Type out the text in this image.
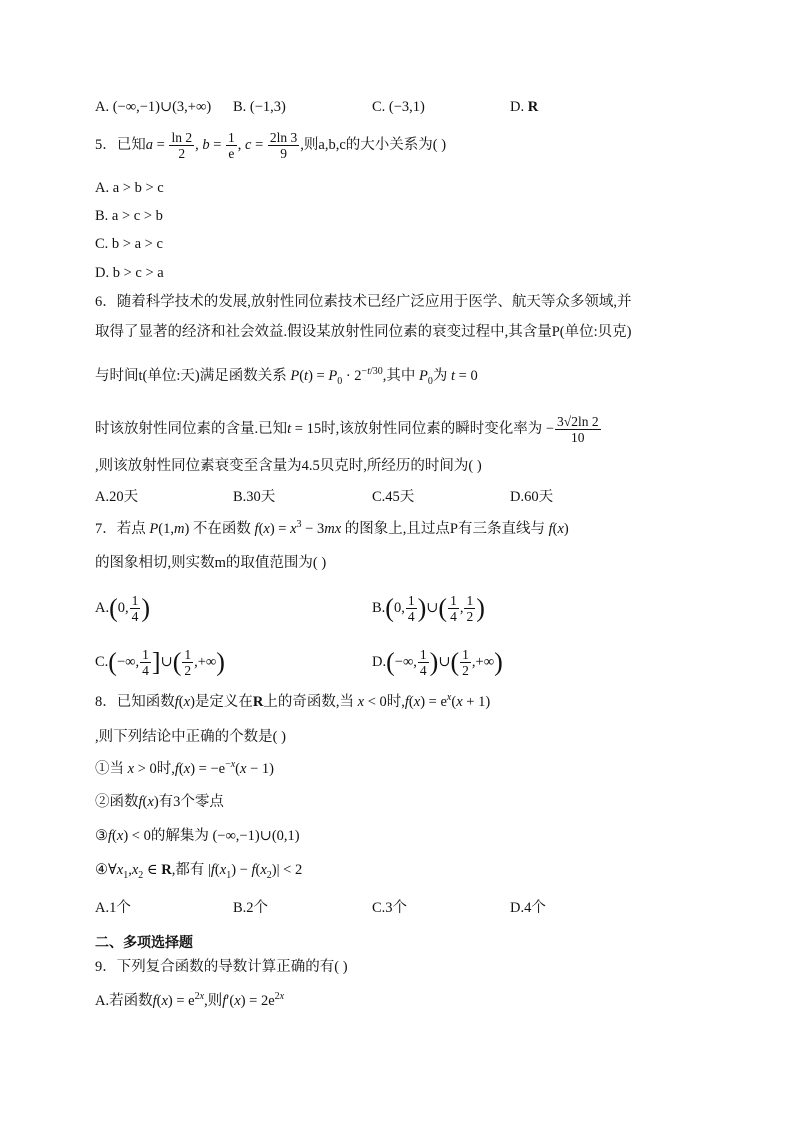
A. (−∞,−1)∪(3,+∞) B. (−1,3)	C. (−3,1)	D. R
5．已知$a = \frac{\ln 2}{2}$ , $b = \frac{1}{e}$ , $c = \frac{2\ln 3}{9}$ ,则a,b,c的大小关系为( )
A. a > b > c
B. a > c > b
C. b > a > c
D. b > c > a
6．随着科学技术的发展,放射性同位素技术已经广泛应用于医学、航天等众多领域,并
取得了显著的经济和社会效益.假设某放射性同位素的衰变过程中,其含量P(单位:贝克)
与时间t(单位:天)满足函数关系 $P(t) = P_0 \cdot 2^{-t/30}$,其中 $P_0$为 t = 0
时该放射性同位素的含量.已知t = 15时,该放射性同位素的瞬时变化率为 − $\frac{3√2\ln 2}{10}$
,则该放射性同位素衰变至含量为4.5贝克时,所经历的时间为( )
A.20天	B.30天	C.45天	D.60天
7．若点 P(1,m) 不在函数 $f(x) = x^3 - 3mx$ 的图象上,且过点P有三条直线与 f(x)
的图象相切,则实数m的取值范围为( )
A.(0, $\frac{1}{4}$ )	B.(0, $\frac{1}{4}$ )∪( $\frac{1}{4}$ , $\frac{1}{2}$ )
C.(−∞, $\frac{1}{4}$ ]∪( $\frac{1}{2}$ ,+∞)	D.(−∞, $\frac{1}{4}$ )∪( $\frac{1}{2}$ ,+∞)
8．已知函数f(x)是定义在R上的奇函数,当 x < 0时$,f(x) = e^x(x + 1)$
,则下列结论中正确的个数是( )
①当 x > 0时$,f(x) = -e^{-x}(x - 1)$
②函数f(x)有3个零点
③f(x) < 0的解集为 (−∞,−1)∪(0,1)
$④\forall x_1,x_2$ ∈ R,都有 $|f(x_1) - f(x_2)| < 2$
A.1个	B.2个	C.3个	D.4个
二、多项选择题
9．下列复合函数的导数计算正确的有( )
A.若函数$f(x) = e^{2x}$,则$f'(x) = 2e^{2x}$
